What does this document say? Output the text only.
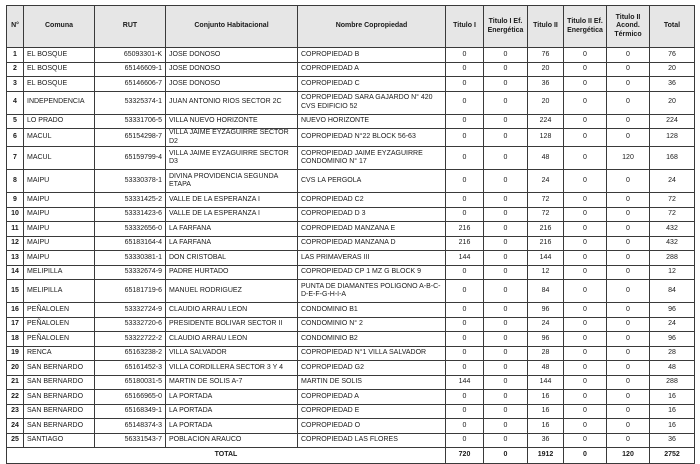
N°	Comuna	RUT	Conjunto Habitacional	Nombre Copropiedad	Titulo I	Titulo I Ef. Energética	Titulo II	Titulo II Ef. Energética	Titulo II Acond. Térmico	Total
1	EL BOSQUE	65093301-K	JOSE DONOSO	COPROPIEDAD B	0	0	76	0	0	76
2	EL BOSQUE	65146609-1	JOSE DONOSO	COPROPIEDAD A	0	0	20	0	0	20
3	EL BOSQUE	65146606-7	JOSE DONOSO	COPROPIEDAD C	0	0	36	0	0	36
4	INDEPENDENCIA	53325374-1	JUAN ANTONIO RIOS SECTOR 2C	COPROPIEDAD SARA GAJARDO N° 420 CVS EDIFICIO 52	0	0	20	0	0	20
5	LO PRADO	53331706-5	VILLA NUEVO HORIZONTE	NUEVO HORIZONTE	0	0	224	0	0	224
6	MACUL	65154298-7	VILLA JAIME EYZAGUIRRE SECTOR D2	COPROPIEDAD N°22 BLOCK 56-63	0	0	128	0	0	128
7	MACUL	65159799-4	VILLA JAIME EYZAGUIRRE SECTOR D3	COPROPIEDAD JAIME EYZAGUIRRE CONDOMINIO N° 17	0	0	48	0	120	168
8	MAIPU	53330378-1	DIVINA PROVIDENCIA SEGUNDA ETAPA	CVS LA PERGOLA	0	0	24	0	0	24
9	MAIPU	53331425-2	VALLE DE LA ESPERANZA I	COPROPIEDAD C2	0	0	72	0	0	72
10	MAIPU	53331423-6	VALLE DE LA ESPERANZA I	COPROPIEDAD D 3	0	0	72	0	0	72
11	MAIPU	53332656-0	LA FARFANA	COPROPIEDAD MANZANA E	216	0	216	0	0	432
12	MAIPU	65183164-4	LA FARFANA	COPROPIEDAD MANZANA D	216	0	216	0	0	432
13	MAIPU	53330381-1	DON CRISTOBAL	LAS PRIMAVERAS III	144	0	144	0	0	288
14	MELIPILLA	53332674-9	PADRE HURTADO	COPROPIEDAD CP 1 MZ G BLOCK 9	0	0	12	0	0	12
15	MELIPILLA	65181719-6	MANUEL RODRIGUEZ	PUNTA DE DIAMANTES POLIGONO A-B-C-D-E-F-G-H-I-A	0	0	84	0	0	84
16	PEÑALOLEN	53332724-9	CLAUDIO ARRAU LEON	CONDOMINIO B1	0	0	96	0	0	96
17	PEÑALOLEN	53332720-6	PRESIDENTE BOLIVAR SECTOR II	CONDOMINIO N° 2	0	0	24	0	0	24
18	PEÑALOLEN	53322722-2	CLAUDIO ARRAU LEON	CONDOMINIO B2	0	0	96	0	0	96
19	RENCA	65163238-2	VILLA SALVADOR	COPROPIEDAD N°1 VILLA SALVADOR	0	0	28	0	0	28
20	SAN BERNARDO	65161452-3	VILLA CORDILLERA SECTOR 3 Y 4	COPROPIEDAD G2	0	0	48	0	0	48
21	SAN BERNARDO	65180031-5	MARTIN DE SOLIS A-7	MARTIN DE SOLIS	144	0	144	0	0	288
22	SAN BERNARDO	65166965-0	LA PORTADA	COPROPIEDAD A	0	0	16	0	0	16
23	SAN BERNARDO	65168349-1	LA PORTADA	COPROPIEDAD E	0	0	16	0	0	16
24	SAN BERNARDO	65148374-3	LA PORTADA	COPROPIEDAD O	0	0	16	0	0	16
25	SANTIAGO	56331543-7	POBLACION ARAUCO	COPROPIEDAD LAS FLORES	0	0	36	0	0	36
TOTAL					720	0	1912	0	120	2752
